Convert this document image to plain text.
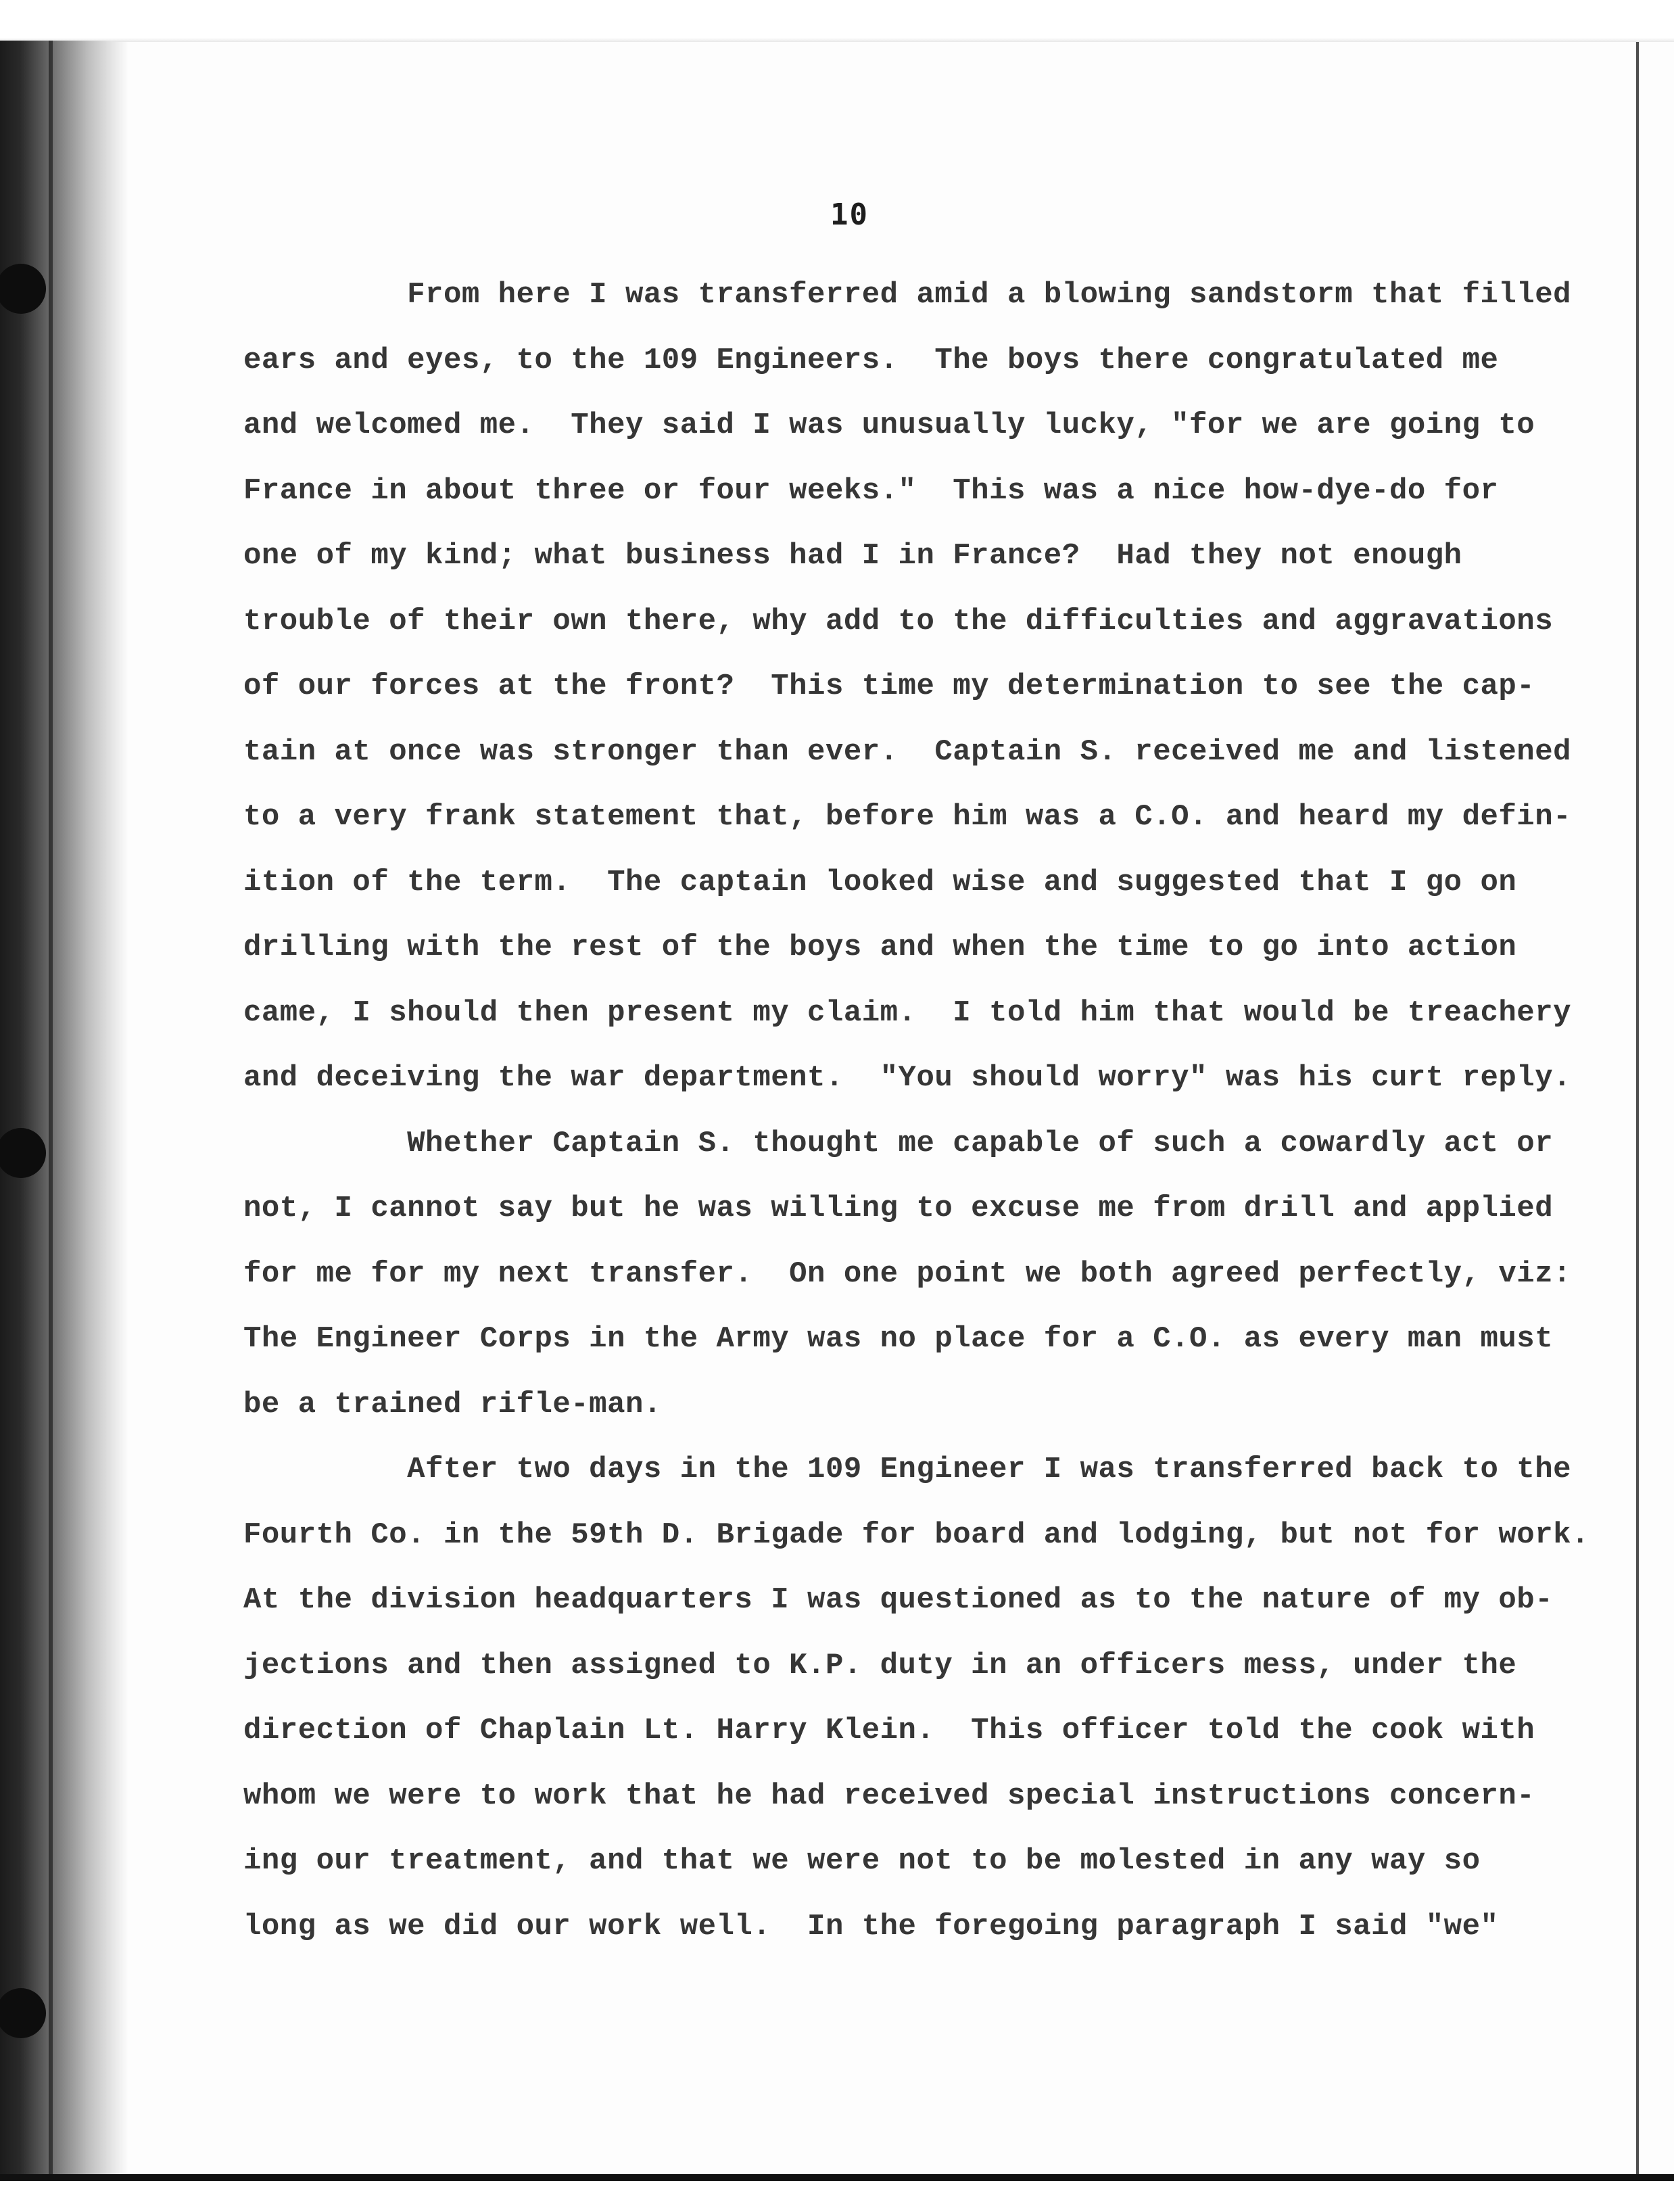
10
From here I was transferred amid a blowing sandstorm that filled
ears and eyes, to the 109 Engineers.  The boys there congratulated me
and welcomed me.  They said I was unusually lucky, "for we are going to
France in about three or four weeks."  This was a nice how-dye-do for
one of my kind; what business had I in France?  Had they not enough
trouble of their own there, why add to the difficulties and aggravations
of our forces at the front?  This time my determination to see the cap-
tain at once was stronger than ever.  Captain S. received me and listened
to a very frank statement that, before him was a C.O. and heard my defin-
ition of the term.  The captain looked wise and suggested that I go on
drilling with the rest of the boys and when the time to go into action
came, I should then present my claim.  I told him that would be treachery
and deceiving the war department.  "You should worry" was his curt reply.
Whether Captain S. thought me capable of such a cowardly act or
not, I cannot say but he was willing to excuse me from drill and applied
for me for my next transfer.  On one point we both agreed perfectly, viz:
The Engineer Corps in the Army was no place for a C.O. as every man must
be a trained rifle-man.
After two days in the 109 Engineer I was transferred back to the
Fourth Co. in the 59th D. Brigade for board and lodging, but not for work.
At the division headquarters I was questioned as to the nature of my ob-
jections and then assigned to K.P. duty in an officers mess, under the
direction of Chaplain Lt. Harry Klein.  This officer told the cook with
whom we were to work that he had received special instructions concern-
ing our treatment, and that we were not to be molested in any way so
long as we did our work well.  In the foregoing paragraph I said "we"
